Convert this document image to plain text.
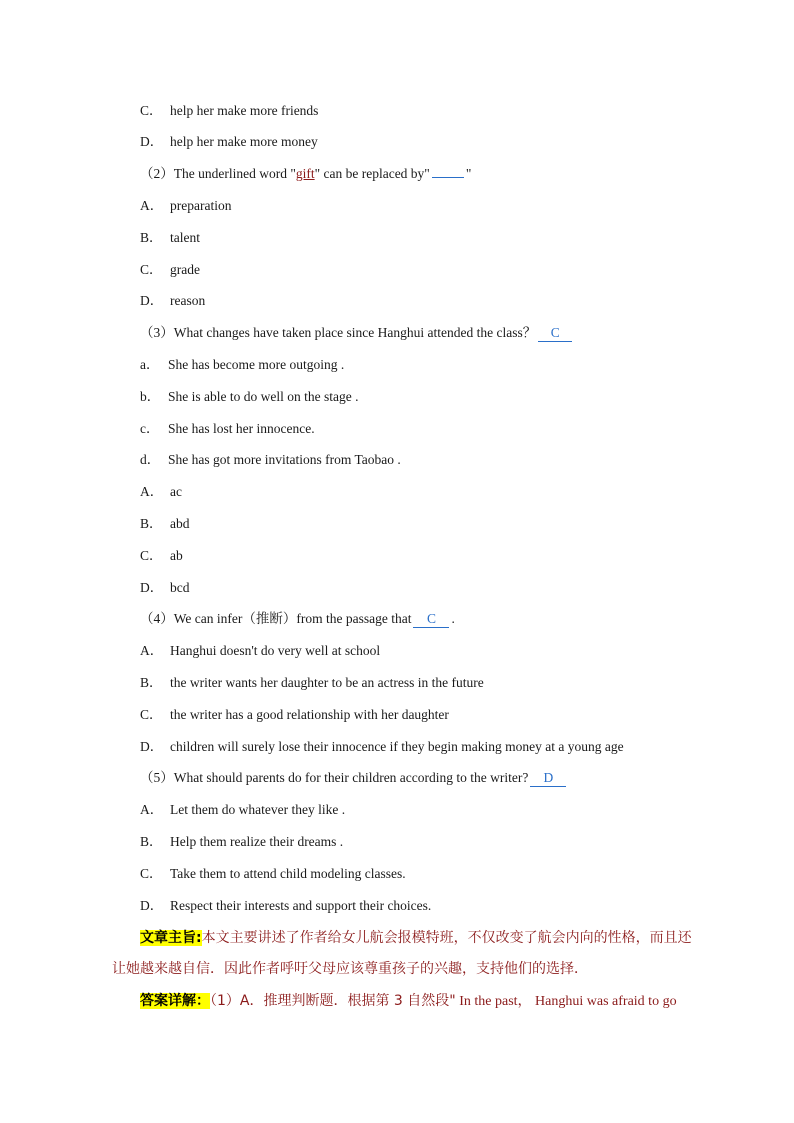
C． help her make more friends
D． help her make more money
（2）The underlined word "gift" can be replaced by"	"
A． preparation
B． talent
C． grade
D． reason
（3）What changes have taken place since Hanghui attended the class？ C
a． She has become more outgoing .
b． She is able to do well on the stage .
c． She has lost her innocence.
d． She has got more invitations from Taobao .
A． ac
B． abd
C． ab
D． bcd
（4）We can infer（推断）from the passage that C .
A． Hanghui doesn't do very well at school
B． the writer wants her daughter to be an actress in the future
C． the writer has a good relationship with her daughter
D． children will surely lose their innocence if they begin making money at a young age
（5）What should parents do for their children according to the writer? D
A． Let them do whatever they like .
B． Help them realize their dreams .
C． Take them to attend child modeling classes.
D． Respect their interests and support their choices.
文章主旨:本文主要讲述了作者给女儿航会报模特班，不仅改变了航会内向的性格，而且还
让她越来越自信．因此作者呼吁父母应该尊重孩子的兴趣，支持他们的选择．
答案详解：（1）A．推理判断题．根据第 3 自然段" In the past， Hanghui was afraid to go
